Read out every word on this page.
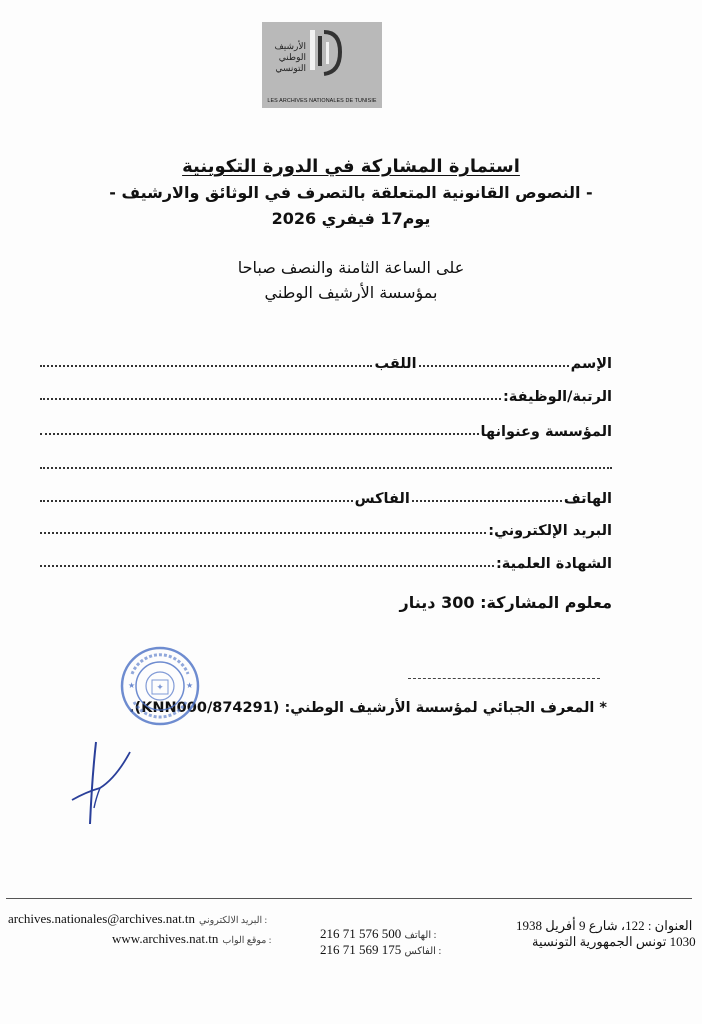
الأرشيف
الوطني
التونسي
LES ARCHIVES NATIONALES DE TUNISIE
استمارة المشاركة في الدورة التكوينية
- النصوص القانونية المتعلقة بالتصرف في الوثائق والارشيف -
يوم17 فيفري 2026
على الساعة الثامنة والنصف صباحا
بمؤسسة الأرشيف الوطني
الإسم
اللقب
الرتبة/الوظيفة:
المؤسسة وعنوانها
الهاتف
الفاكس
البريد الإلكتروني:
الشهادة العلمية:
معلوم المشاركة: 300 دينار
* المعرف الجبائي لمؤسسة الأرشيف الوطني: (874291/KNN000).
✦
★	★
archives.nationales@archives.nat.tn البريد الالكتروني :
www.archives.nat.tn موقع الواب :	216 71 576 500 الهاتف :
216 71 569 175 الفاكس :
العنوان : 122، شارع 9 أفريل 1938
1030 تونس الجمهورية التونسية
